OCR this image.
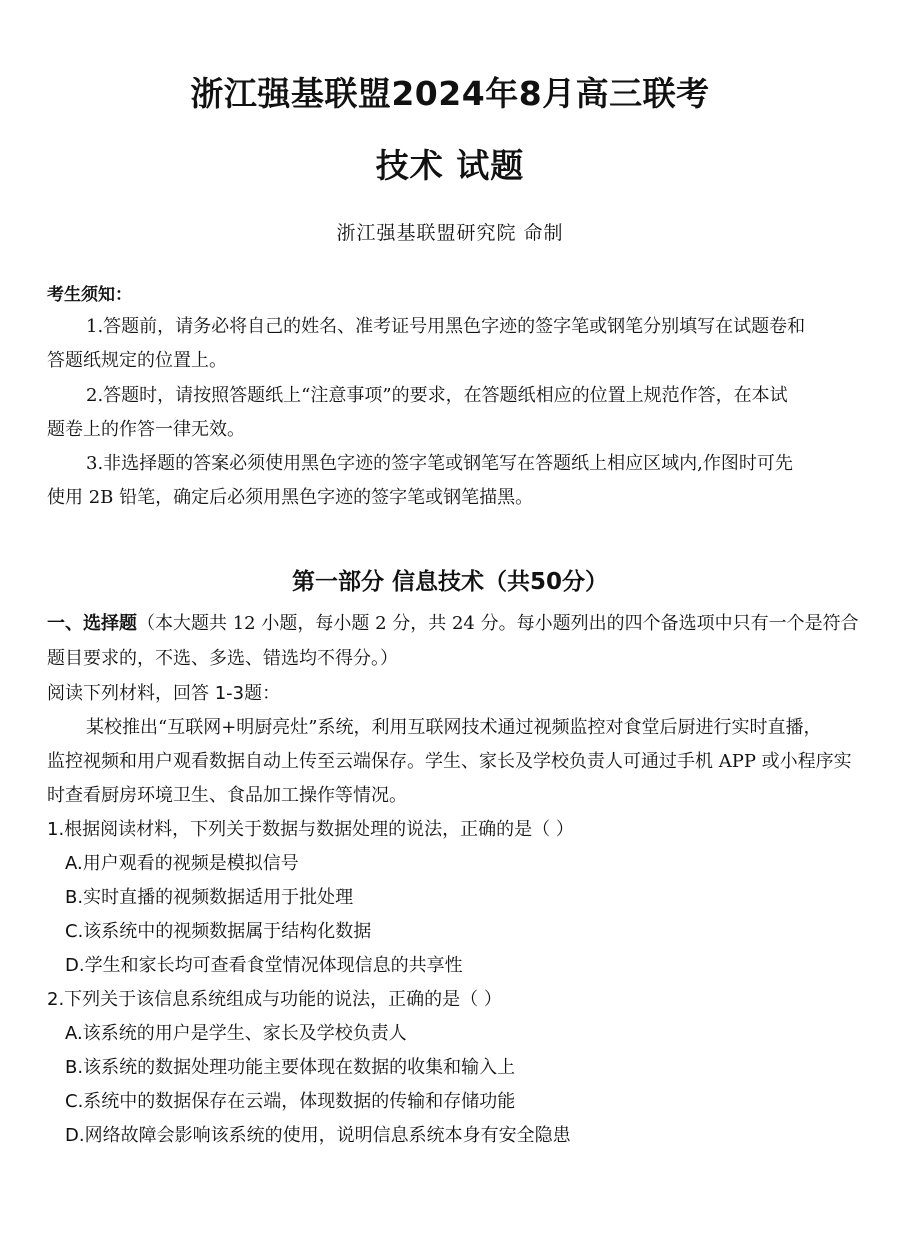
浙江强基联盟2024年8月高三联考
技术 试题
浙江强基联盟研究院 命制
考生须知：
1.答题前，请务必将自己的姓名、准考证号用黑色字迹的签字笔或钢笔分别填写在试题卷和
答题纸规定的位置上。
2.答题时，请按照答题纸上“注意事项”的要求，在答题纸相应的位置上规范作答，在本试
题卷上的作答一律无效。
3.非选择题的答案必须使用黑色字迹的签字笔或钢笔写在答题纸上相应区域内,作图时可先
使用 2B 铅笔，确定后必须用黑色字迹的签字笔或钢笔描黑。
第一部分 信息技术（共50分）
一、选择题（本大题共 12 小题，每小题 2 分，共 24 分。每小题列出的四个备选项中只有一个是符合
题目要求的，不选、多选、错选均不得分。）
阅读下列材料，回答 1-3题：
某校推出“互联网+明厨亮灶”系统，利用互联网技术通过视频监控对食堂后厨进行实时直播，
监控视频和用户观看数据自动上传至云端保存。学生、家长及学校负责人可通过手机 APP 或小程序实
时查看厨房环境卫生、食品加工操作等情况。
1.根据阅读材料，下列关于数据与数据处理的说法，正确的是（ ）
A.用户观看的视频是模拟信号
B.实时直播的视频数据适用于批处理
C.该系统中的视频数据属于结构化数据
D.学生和家长均可查看食堂情况体现信息的共享性
2.下列关于该信息系统组成与功能的说法，正确的是（ ）
A.该系统的用户是学生、家长及学校负责人
B.该系统的数据处理功能主要体现在数据的收集和输入上
C.系统中的数据保存在云端，体现数据的传输和存储功能
D.网络故障会影响该系统的使用，说明信息系统本身有安全隐患
